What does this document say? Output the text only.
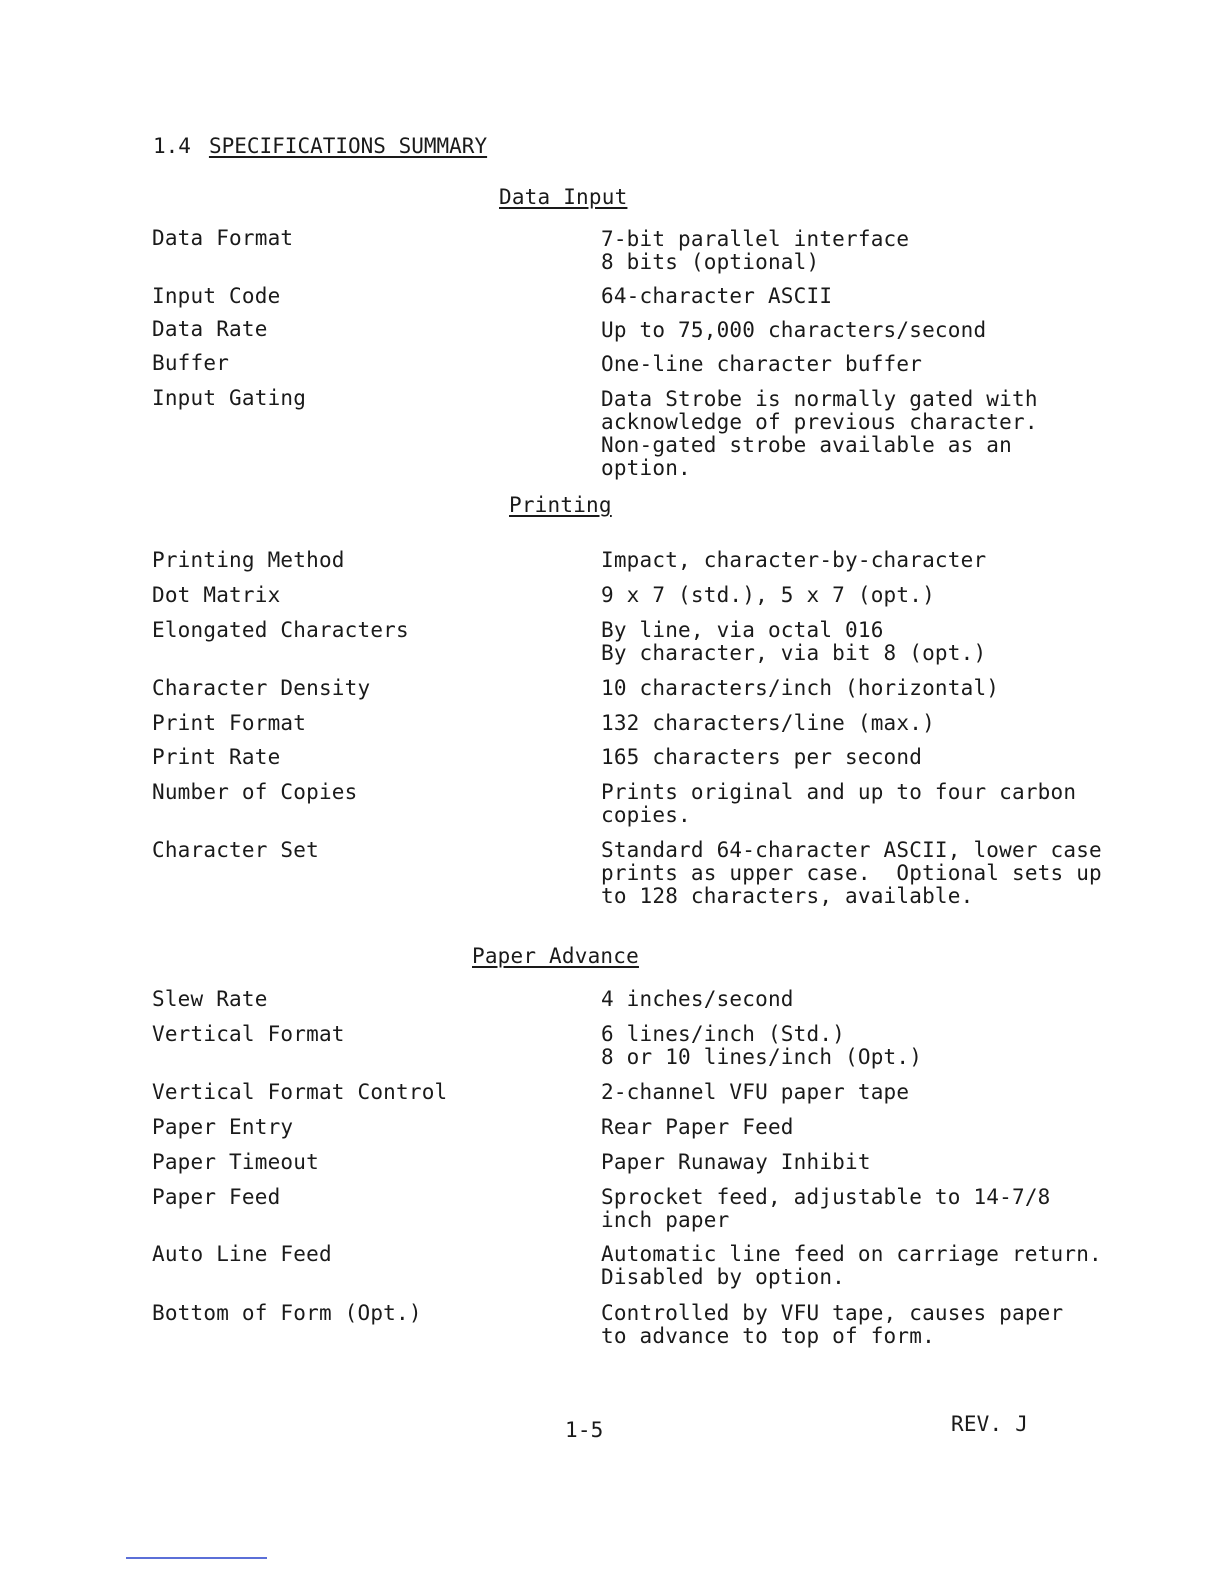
1.4 SPECIFICATIONS SUMMARY
Data Input
Data Format	7-bit parallel interface
8 bits (optional)
Input Code	64-character ASCII
Data Rate	Up to 75,000 characters/second
Buffer	One-line character buffer
Input Gating	Data Strobe is normally gated with
acknowledge of previous character.
Non-gated strobe available as an
option.
Printing
Printing Method	Impact, character-by-character
Dot Matrix	9 x 7 (std.), 5 x 7 (opt.)
Elongated Characters	By line, via octal 016
By character, via bit 8 (opt.)
Character Density	10 characters/inch (horizontal)
Print Format	132 characters/line (max.)
Print Rate	165 characters per second
Number of Copies	Prints original and up to four carbon
copies.
Character Set	Standard 64-character ASCII, lower case
prints as upper case.  Optional sets up
to 128 characters, available.
Paper Advance
Slew Rate	4 inches/second
Vertical Format	6 lines/inch (Std.)
8 or 10 lines/inch (Opt.)
Vertical Format Control	2-channel VFU paper tape
Paper Entry	Rear Paper Feed
Paper Timeout	Paper Runaway Inhibit
Paper Feed	Sprocket feed, adjustable to 14-7/8
inch paper
Auto Line Feed	Automatic line feed on carriage return.
Disabled by option.
Bottom of Form (Opt.)	Controlled by VFU tape, causes paper
to advance to top of form.
1-5	REV. J
